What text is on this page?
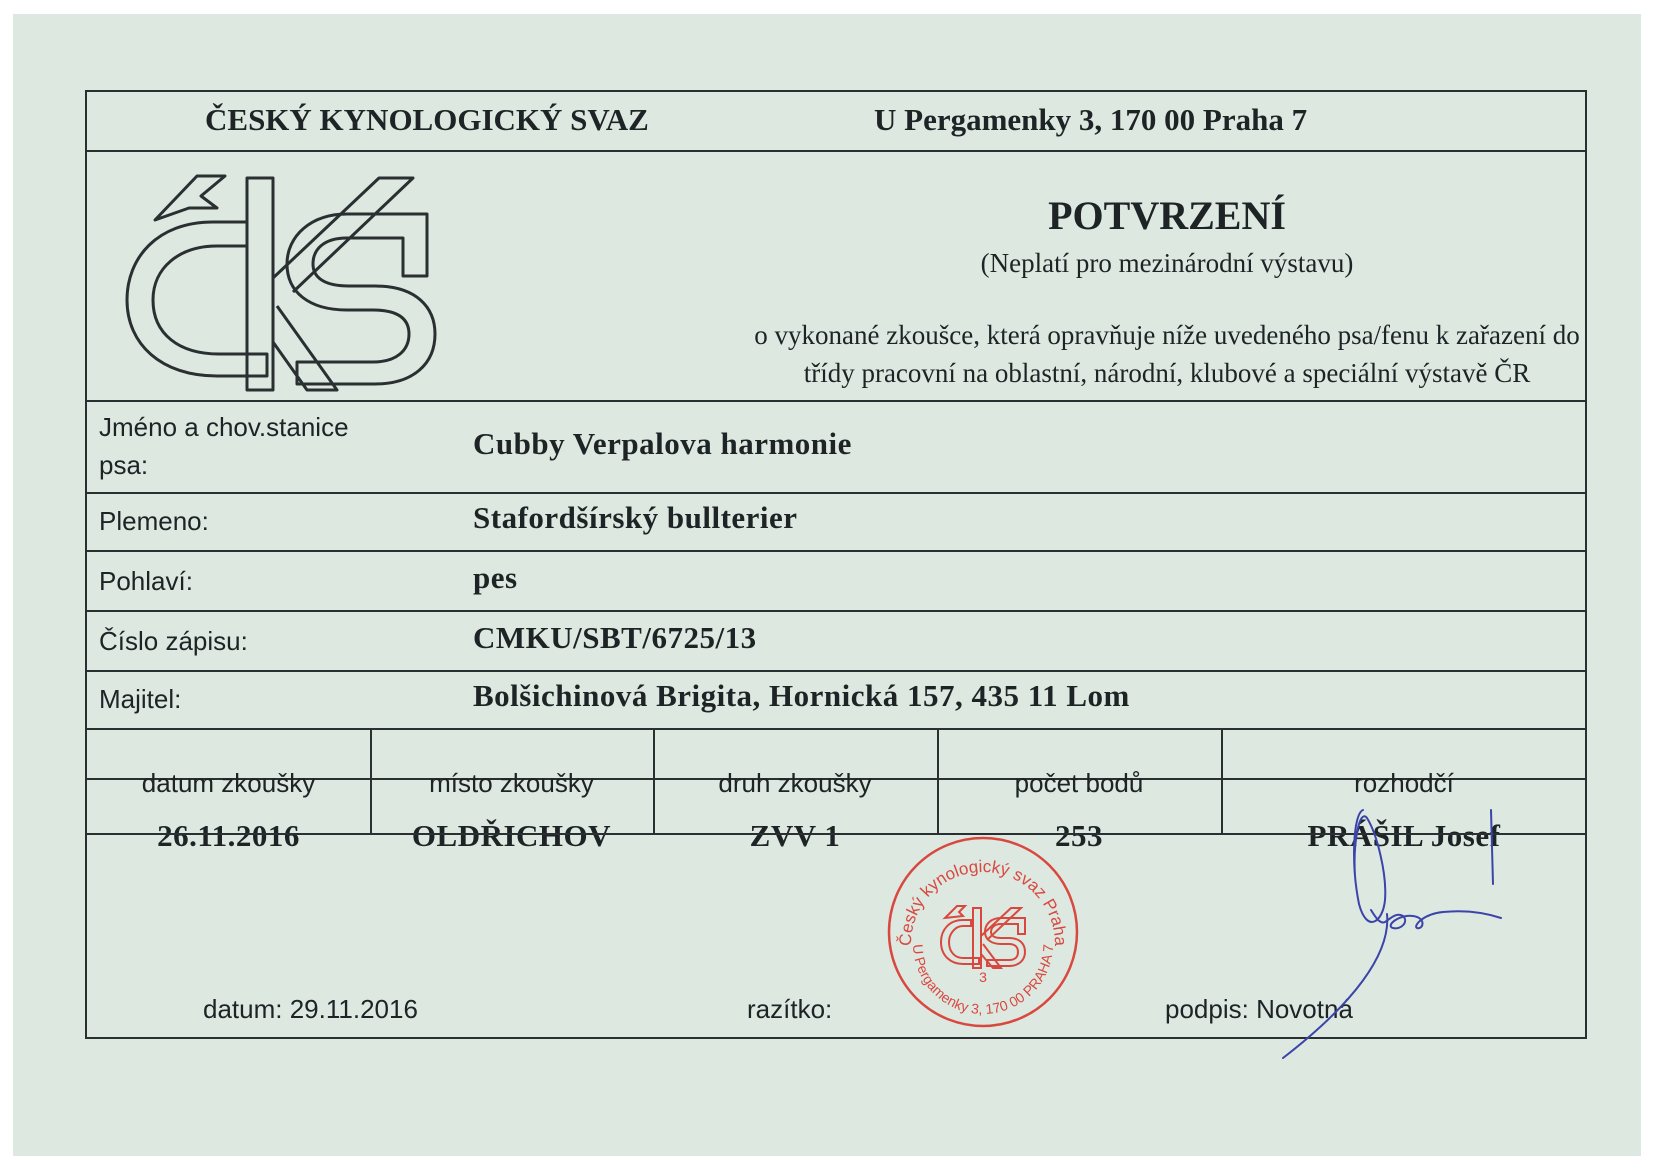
ČESKÝ KYNOLOGICKÝ SVAZ	U Pergamenky 3, 170 00 Praha 7
POTVRZENÍ
(Neplatí pro mezinárodní výstavu)
o vykonané zkoušce, která opravňuje níže uvedeného psa/fenu k zařazení do
třídy pracovní na oblastní, národní, klubové a speciální výstavě ČR
Jméno a chov.stanice
psa:
Cubby Verpalova harmonie
Plemeno:	Stafordšírský bullterier
Pohlaví:	pes
Číslo zápisu:	CMKU/SBT/6725/13
Majitel:	Bolšichinová Brigita, Hornická 157, 435 11 Lom
datum zkoušky	místo zkoušky	druh zkoušky	počet bodů	rozhodčí
26.11.2016	OLDŘICHOV	ZVV 1	253	PRÁŠIL Josef
datum: 29.11.2016	razítko:	podpis: Novotná
Český kynologický svaz Praha
U Pergamenky 3, 170 00 PRAHA 7
3
